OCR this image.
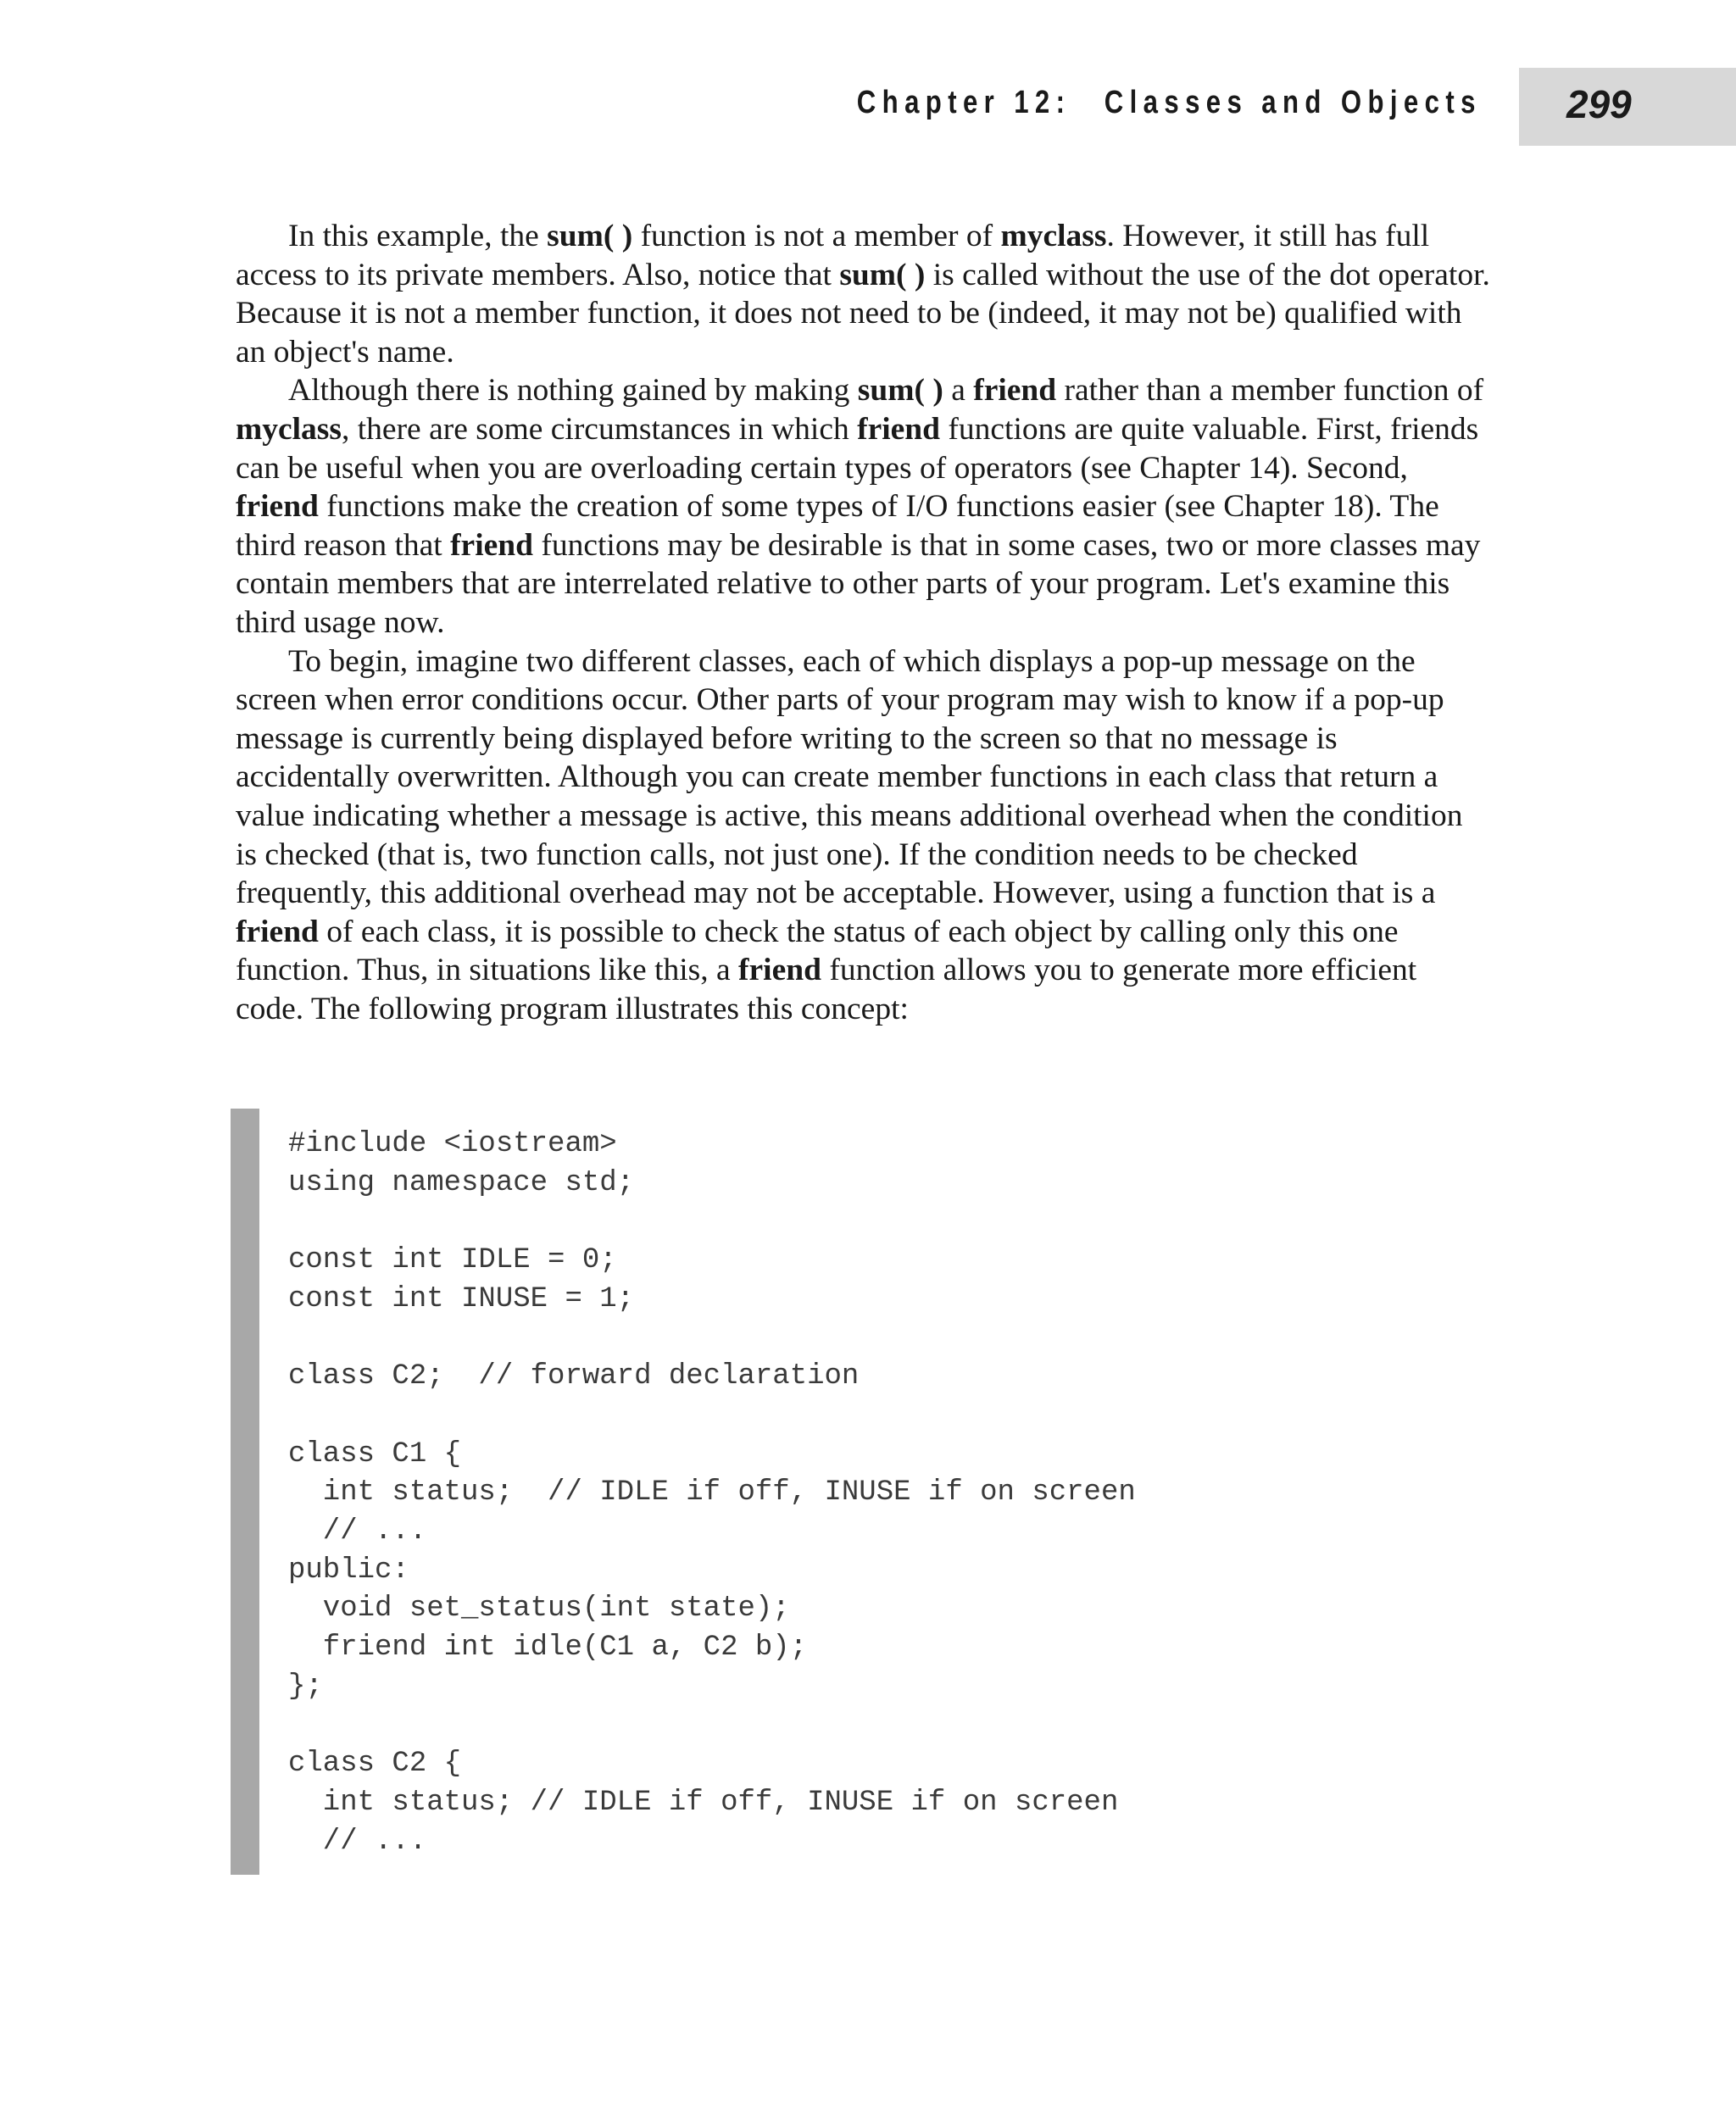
Chapter 12: Classes and Objects 299

In this example, the sum( ) function is not a member of myclass. However, it still has full access to its private members. Also, notice that sum( ) is called without the use of the dot operator. Because it is not a member function, it does not need to be (indeed, it may not be) qualified with an object's name.

Although there is nothing gained by making sum( ) a friend rather than a member function of myclass, there are some circumstances in which friend functions are quite valuable. First, friends can be useful when you are overloading certain types of operators (see Chapter 14). Second, friend functions make the creation of some types of I/O functions easier (see Chapter 18). The third reason that friend functions may be desirable is that in some cases, two or more classes may contain members that are interrelated relative to other parts of your program. Let's examine this third usage now.

To begin, imagine two different classes, each of which displays a pop-up message on the screen when error conditions occur. Other parts of your program may wish to know if a pop-up message is currently being displayed before writing to the screen so that no message is accidentally overwritten. Although you can create member functions in each class that return a value indicating whether a message is active, this means additional overhead when the condition is checked (that is, two function calls, not just one). If the condition needs to be checked frequently, this additional overhead may not be acceptable. However, using a function that is a friend of each class, it is possible to check the status of each object by calling only this one function. Thus, in situations like this, a friend function allows you to generate more efficient code. The following program illustrates this concept:

#include <iostream>
using namespace std;

const int IDLE = 0;
const int INUSE = 1;

class C2;  // forward declaration

class C1 {
int status;  // IDLE if off, INUSE if on screen
// ...
public:
void set_status(int state);
friend int idle(C1 a, C2 b);
};

class C2 {
int status; // IDLE if off, INUSE if on screen
// ...
